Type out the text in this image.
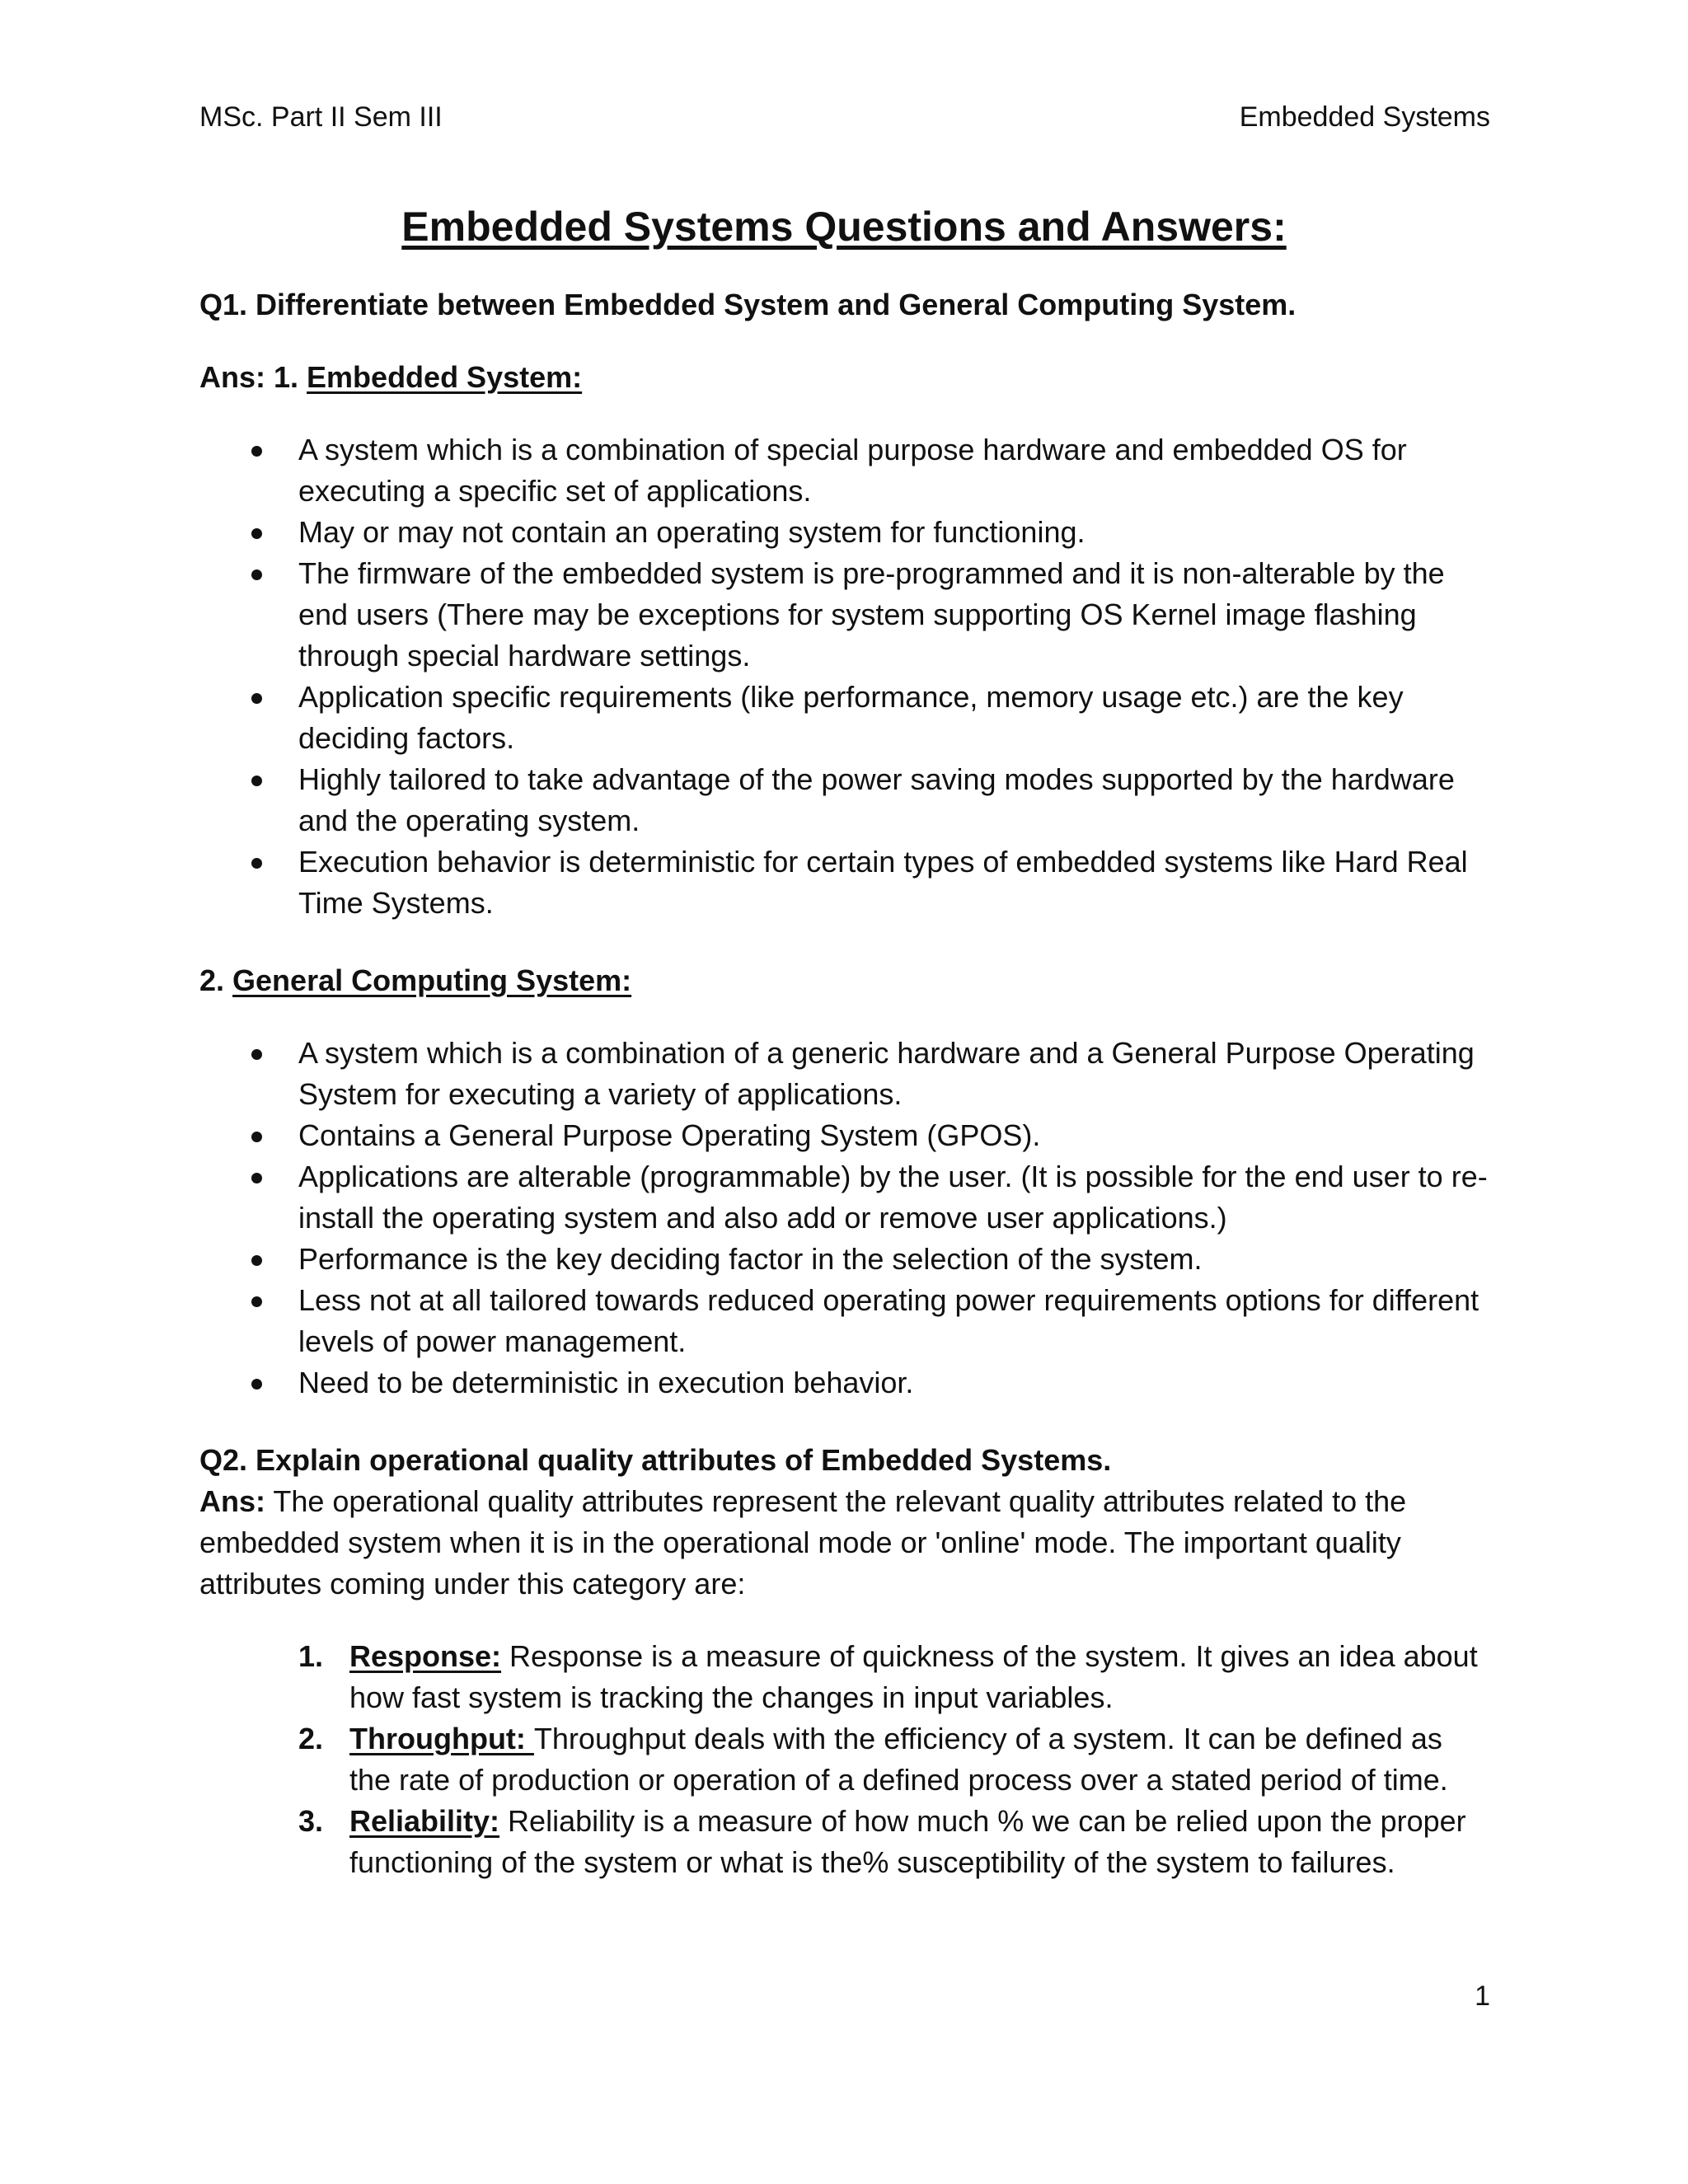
MSc. Part II Sem III	Embedded Systems
Embedded Systems Questions and Answers:

Q1. Differentiate between Embedded System and General Computing System.

Ans: 1. Embedded System:

A system which is a combination of special purpose hardware and embedded OS for executing a specific set of applications.
May or may not contain an operating system for functioning.
The firmware of the embedded system is pre-programmed and it is non-alterable by the end users (There may be exceptions for system supporting OS Kernel image flashing through special hardware settings.
Application specific requirements (like performance, memory usage etc.) are the key deciding factors.
Highly tailored to take advantage of the power saving modes supported by the hardware and the operating system.
Execution behavior is deterministic for certain types of embedded systems like Hard Real Time Systems.

2. General Computing System:

A system which is a combination of a generic hardware and a General Purpose Operating System for executing a variety of applications.
Contains a General Purpose Operating System (GPOS).
Applications are alterable (programmable) by the user. (It is possible for the end user to re-install the operating system and also add or remove user applications.)
Performance is the key deciding factor in the selection of the system.
Less not at all tailored towards reduced operating power requirements options for different levels of power management.
Need to be deterministic in execution behavior.

Q2. Explain operational quality attributes of Embedded Systems.

Ans: The operational quality attributes represent the relevant quality attributes related to the embedded system when it is in the operational mode or 'online' mode. The important quality attributes coming under this category are:

1. Response: Response is a measure of quickness of the system. It gives an idea about how fast system is tracking the changes in input variables.
2. Throughput: Throughput deals with the efficiency of a system. It can be defined as the rate of production or operation of a defined process over a stated period of time.
3. Reliability: Reliability is a measure of how much % we can be relied upon the proper functioning of the system or what is the% susceptibility of the system to failures.
1
